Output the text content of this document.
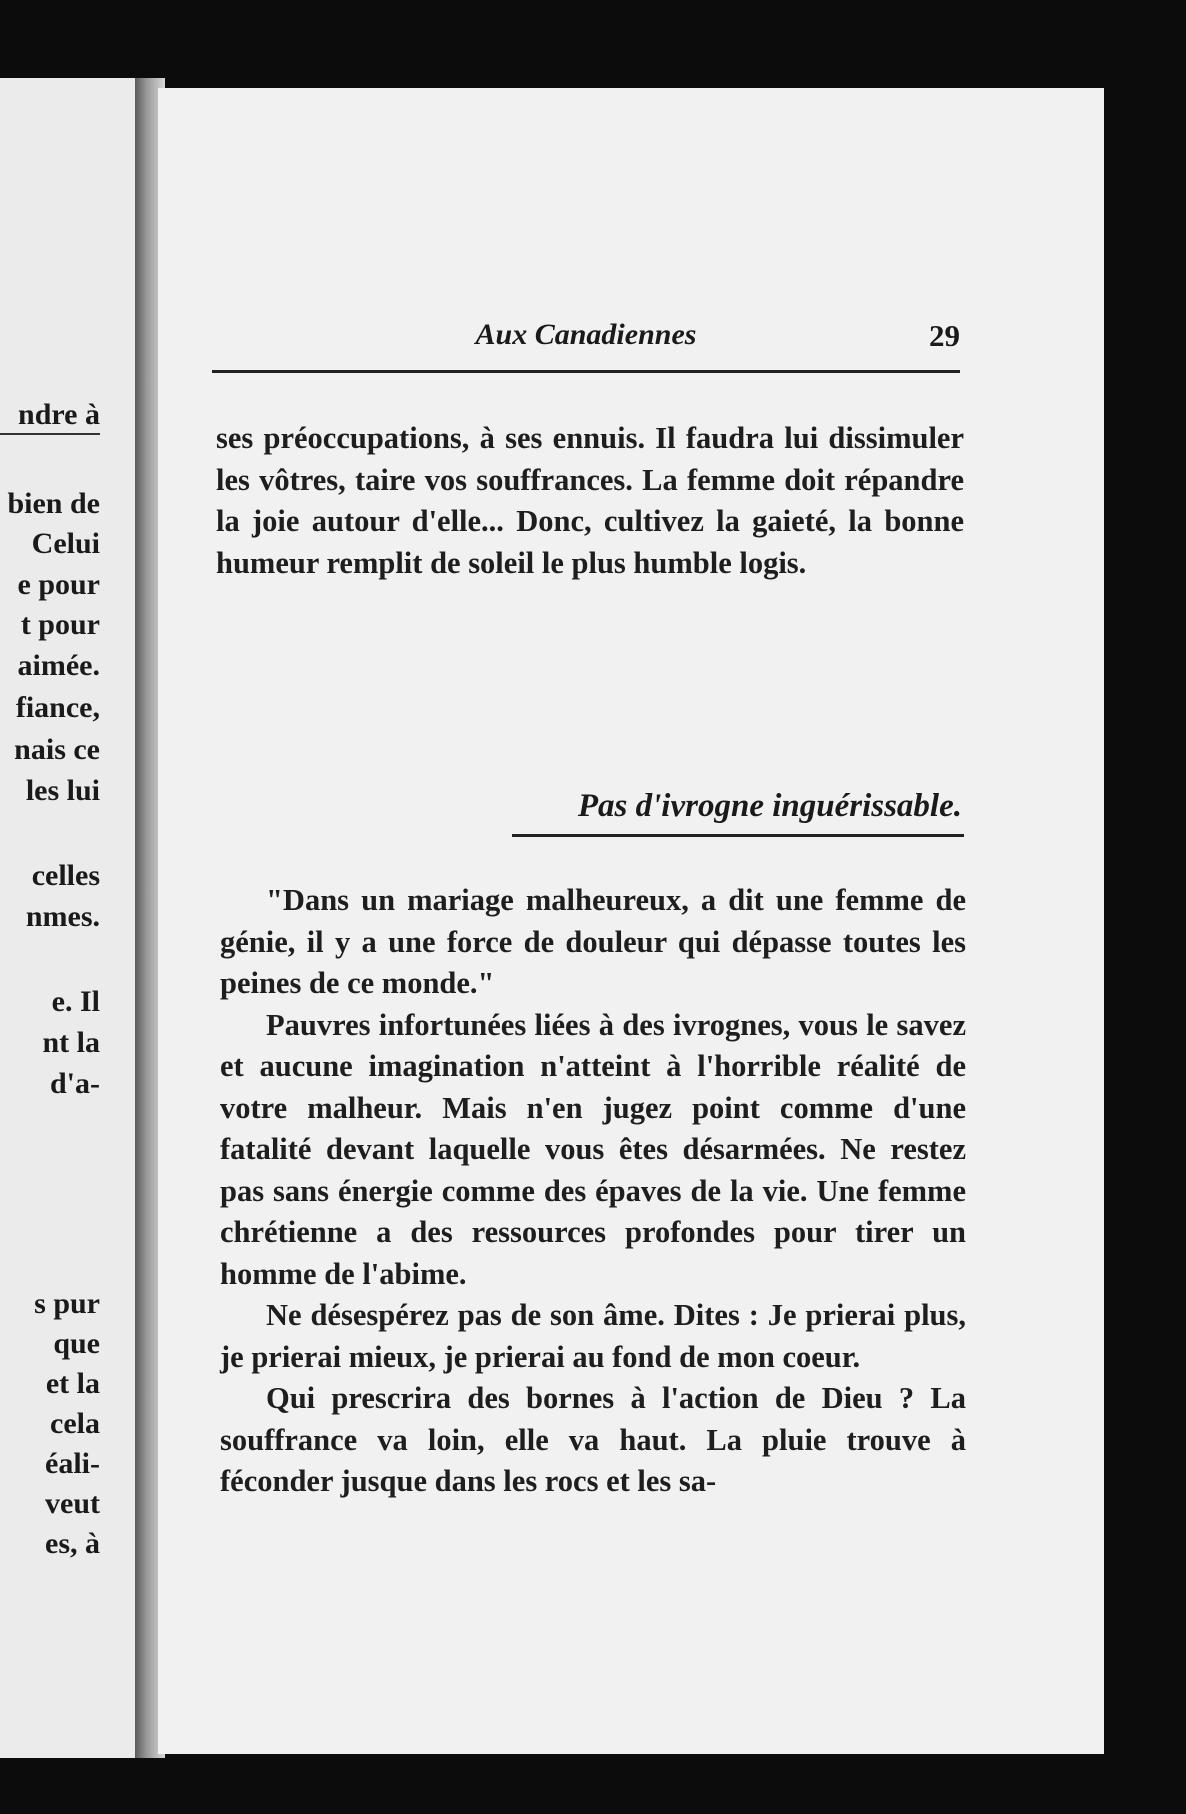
ndre à
bien de
Celui
e pour
t pour
aimée.
fiance,
nais ce
les lui
celles
nmes.
e. Il
nt la
d'a-
s pur
que
et la
cela
éali-
veut
es, à
Aux Canadiennes	29

ses préoccupations, à ses ennuis. Il faudra lui dissimuler les vôtres, taire vos souffrances. La femme doit répandre la joie autour d'elle... Donc, cultivez la gaieté, la bonne humeur remplit de soleil le plus humble logis.

Pas d'ivrogne inguérissable.

"Dans un mariage malheureux, a dit une femme de génie, il y a une force de douleur qui dépasse toutes les peines de ce monde."

Pauvres infortunées liées à des ivrognes, vous le savez et aucune imagination n'atteint à l'horrible réalité de votre malheur. Mais n'en jugez point comme d'une fatalité devant laquelle vous êtes désarmées. Ne restez pas sans énergie comme des épaves de la vie. Une femme chrétienne a des ressources profondes pour tirer un homme de l'abime.

Ne désespérez pas de son âme. Dites : Je prierai plus, je prierai mieux, je prierai au fond de mon coeur.

Qui prescrira des bornes à l'action de Dieu ? La souffrance va loin, elle va haut. La pluie trouve à féconder jusque dans les rocs et les sa-
